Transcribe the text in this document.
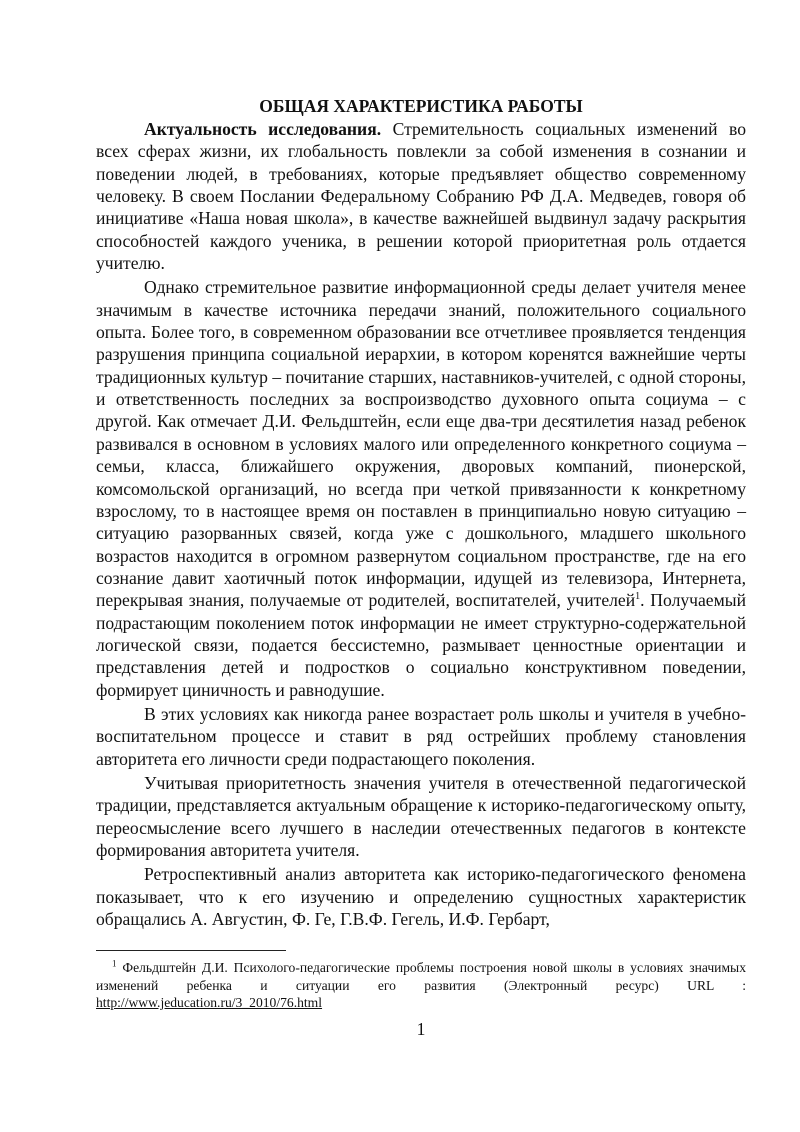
ОБЩАЯ ХАРАКТЕРИСТИКА РАБОТЫ

Актуальность исследования. Стремительность социальных изменений во всех сферах жизни, их глобальность повлекли за собой изменения в сознании и поведении людей, в требованиях, которые предъявляет общество современному человеку. В своем Послании Федеральному Собранию РФ Д.А. Медведев, говоря об инициативе «Наша новая школа», в качестве важнейшей выдвинул задачу раскрытия способностей каждого ученика, в решении которой приоритетная роль отдается учителю.

Однако стремительное развитие информационной среды делает учителя менее значимым в качестве источника передачи знаний, положительного социального опыта. Более того, в современном образовании все отчетливее проявляется тенденция разрушения принципа социальной иерархии, в котором коренятся важнейшие черты традиционных культур – почитание старших, наставников-учителей, с одной стороны, и ответственность последних за воспроизводство духовного опыта социума – с другой. Как отмечает Д.И. Фельдштейн, если еще два-три десятилетия назад ребенок развивался в основном в условиях малого или определенного конкретного социума – семьи, класса, ближайшего окружения, дворовых компаний, пионерской, комсомольской организаций, но всегда при четкой привязанности к конкретному взрослому, то в настоящее время он поставлен в принципиально новую ситуацию – ситуацию разорванных связей, когда уже с дошкольного, младшего школьного возрастов находится в огромном развернутом социальном пространстве, где на его сознание давит хаотичный поток информации, идущей из телевизора, Интернета, перекрывая знания, получаемые от родителей, воспитателей, учителей$^1$. Получаемый подрастающим поколением поток информации не имеет структурно-содержательной логической связи, подается бессистемно, размывает ценностные ориентации и представления детей и подростков о социально конструктивном поведении, формирует циничность и равнодушие.

В этих условиях как никогда ранее возрастает роль школы и учителя в учебно-воспитательном процессе и ставит в ряд острейших проблему становления авторитета его личности среди подрастающего поколения.

Учитывая приоритетность значения учителя в отечественной педагогической традиции, представляется актуальным обращение к историко-педагогическому опыту, переосмысление всего лучшего в наследии отечественных педагогов в контексте формирования авторитета учителя.

Ретроспективный анализ авторитета как историко-педагогического феномена показывает, что к его изучению и определению сущностных характеристик обращались А. Августин, Ф. Ге, Г.В.Ф. Гегель, И.Ф. Гербарт,

$^1$ Фельдштейн Д.И. Психолого-педагогические проблемы построения новой школы в условиях значимых изменений ребенка и ситуации его развития (Электронный ресурс) URL : http://www.jeducation.ru/3_2010/76.html

1
